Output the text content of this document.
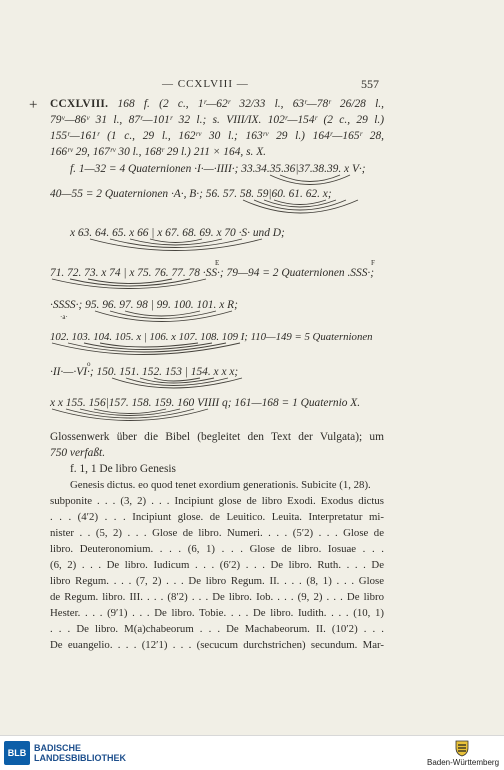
— CCXLVIII —	557
+ CCXLVIII. 168 f. (2 c., 1ʳ—62ʳ 32/33 l., 63ʳ—78ʳ 26/28 l.,
79ᵛ—86ᵛ 31 l., 87ʳ—101ʳ 32 l.; s. VIII/IX. 102ʳ—154ʳ (2 c., 29 l.)
155ʳ—161ʳ (1 c., 29 l., 162ʳᵛ 30 l.; 163ʳᵛ 29 l.) 164ʳ—165ʳ 28,
166ʳᵛ 29, 167ʳᵛ 30 l., 168ʳ 29 l.) 211 × 164, s. X.
f. 1—32 = 4 Quaternionen ·I·—·IIII·; 33.34.35.36|37.38.39. x V·;
40—55 = 2 Quaternionen ·A·, B·; 56. 57. 58. 59|60. 61. 62. x;
x 63. 64. 65. x 66 | x 67. 68. 69. x 70 ·S· und D;
E	F
71. 72. 73. x 74 | x 75. 76. 77. 78 ·SS·; 79—94 = 2 Quaternionen .SSS·;
·SSSS·; 95. 96. 97. 98 | 99. 100. 101. x R;
·a·
102. 103. 104. 105. x | 106. x 107. 108. 109 I; 110—149 = 5 Quaternionen
o
·II·—·VI·; 150. 151. 152. 153 | 154. x x x;
x x 155. 156|157. 158. 159. 160 VIIII q; 161—168 = 1 Quaternio X.
Glossenwerk über die Bibel (begleitet den Text der Vulgata); um
750 verfaßt.
f. 1, 1 De libro Genesis
Genesis dictus. eo quod tenet exordium generationis. Subicite (1, 28).
subponite . . . (3, 2) . . . Incipiunt glose de libro Exodi. Exodus dictus
. . . (4ʹ2) . . . Incipiunt glose. de Leuitico. Leuita. Interpretatur mi-
nister . . (5, 2) . . . Glose de libro. Numeri. . . . (5ʹ2) . . . Glose de
libro. Deuteronomium. . . . (6, 1) . . . Glose de libro. Iosuae . . .
(6, 2) . . . De libro. Iudicum . . . (6ʹ2) . . . De libro. Ruth. . . . De
libro Regum. . . . (7, 2) . . . De libro Regum. II. . . . (8, 1) . . . Glose
de Regum. libro. III. . . . (8ʹ2) . . . De libro. Iob. . . . (9, 2) . . . De libro
Hester. . . . (9ʹ1) . . . De libro. Tobie. . . . De libro. Iudith. . . . (10, 1)
. . . De libro. M(a)chabeorum . . . De Machabeorum. II. (10ʹ2) . . .
De euangelio. . . . (12ʹ1) . . . (secucum durchstrichen) secundum. Mar-
BLB BADISCHE
LANDESBIBLIOTHEK	Baden-Württemberg
